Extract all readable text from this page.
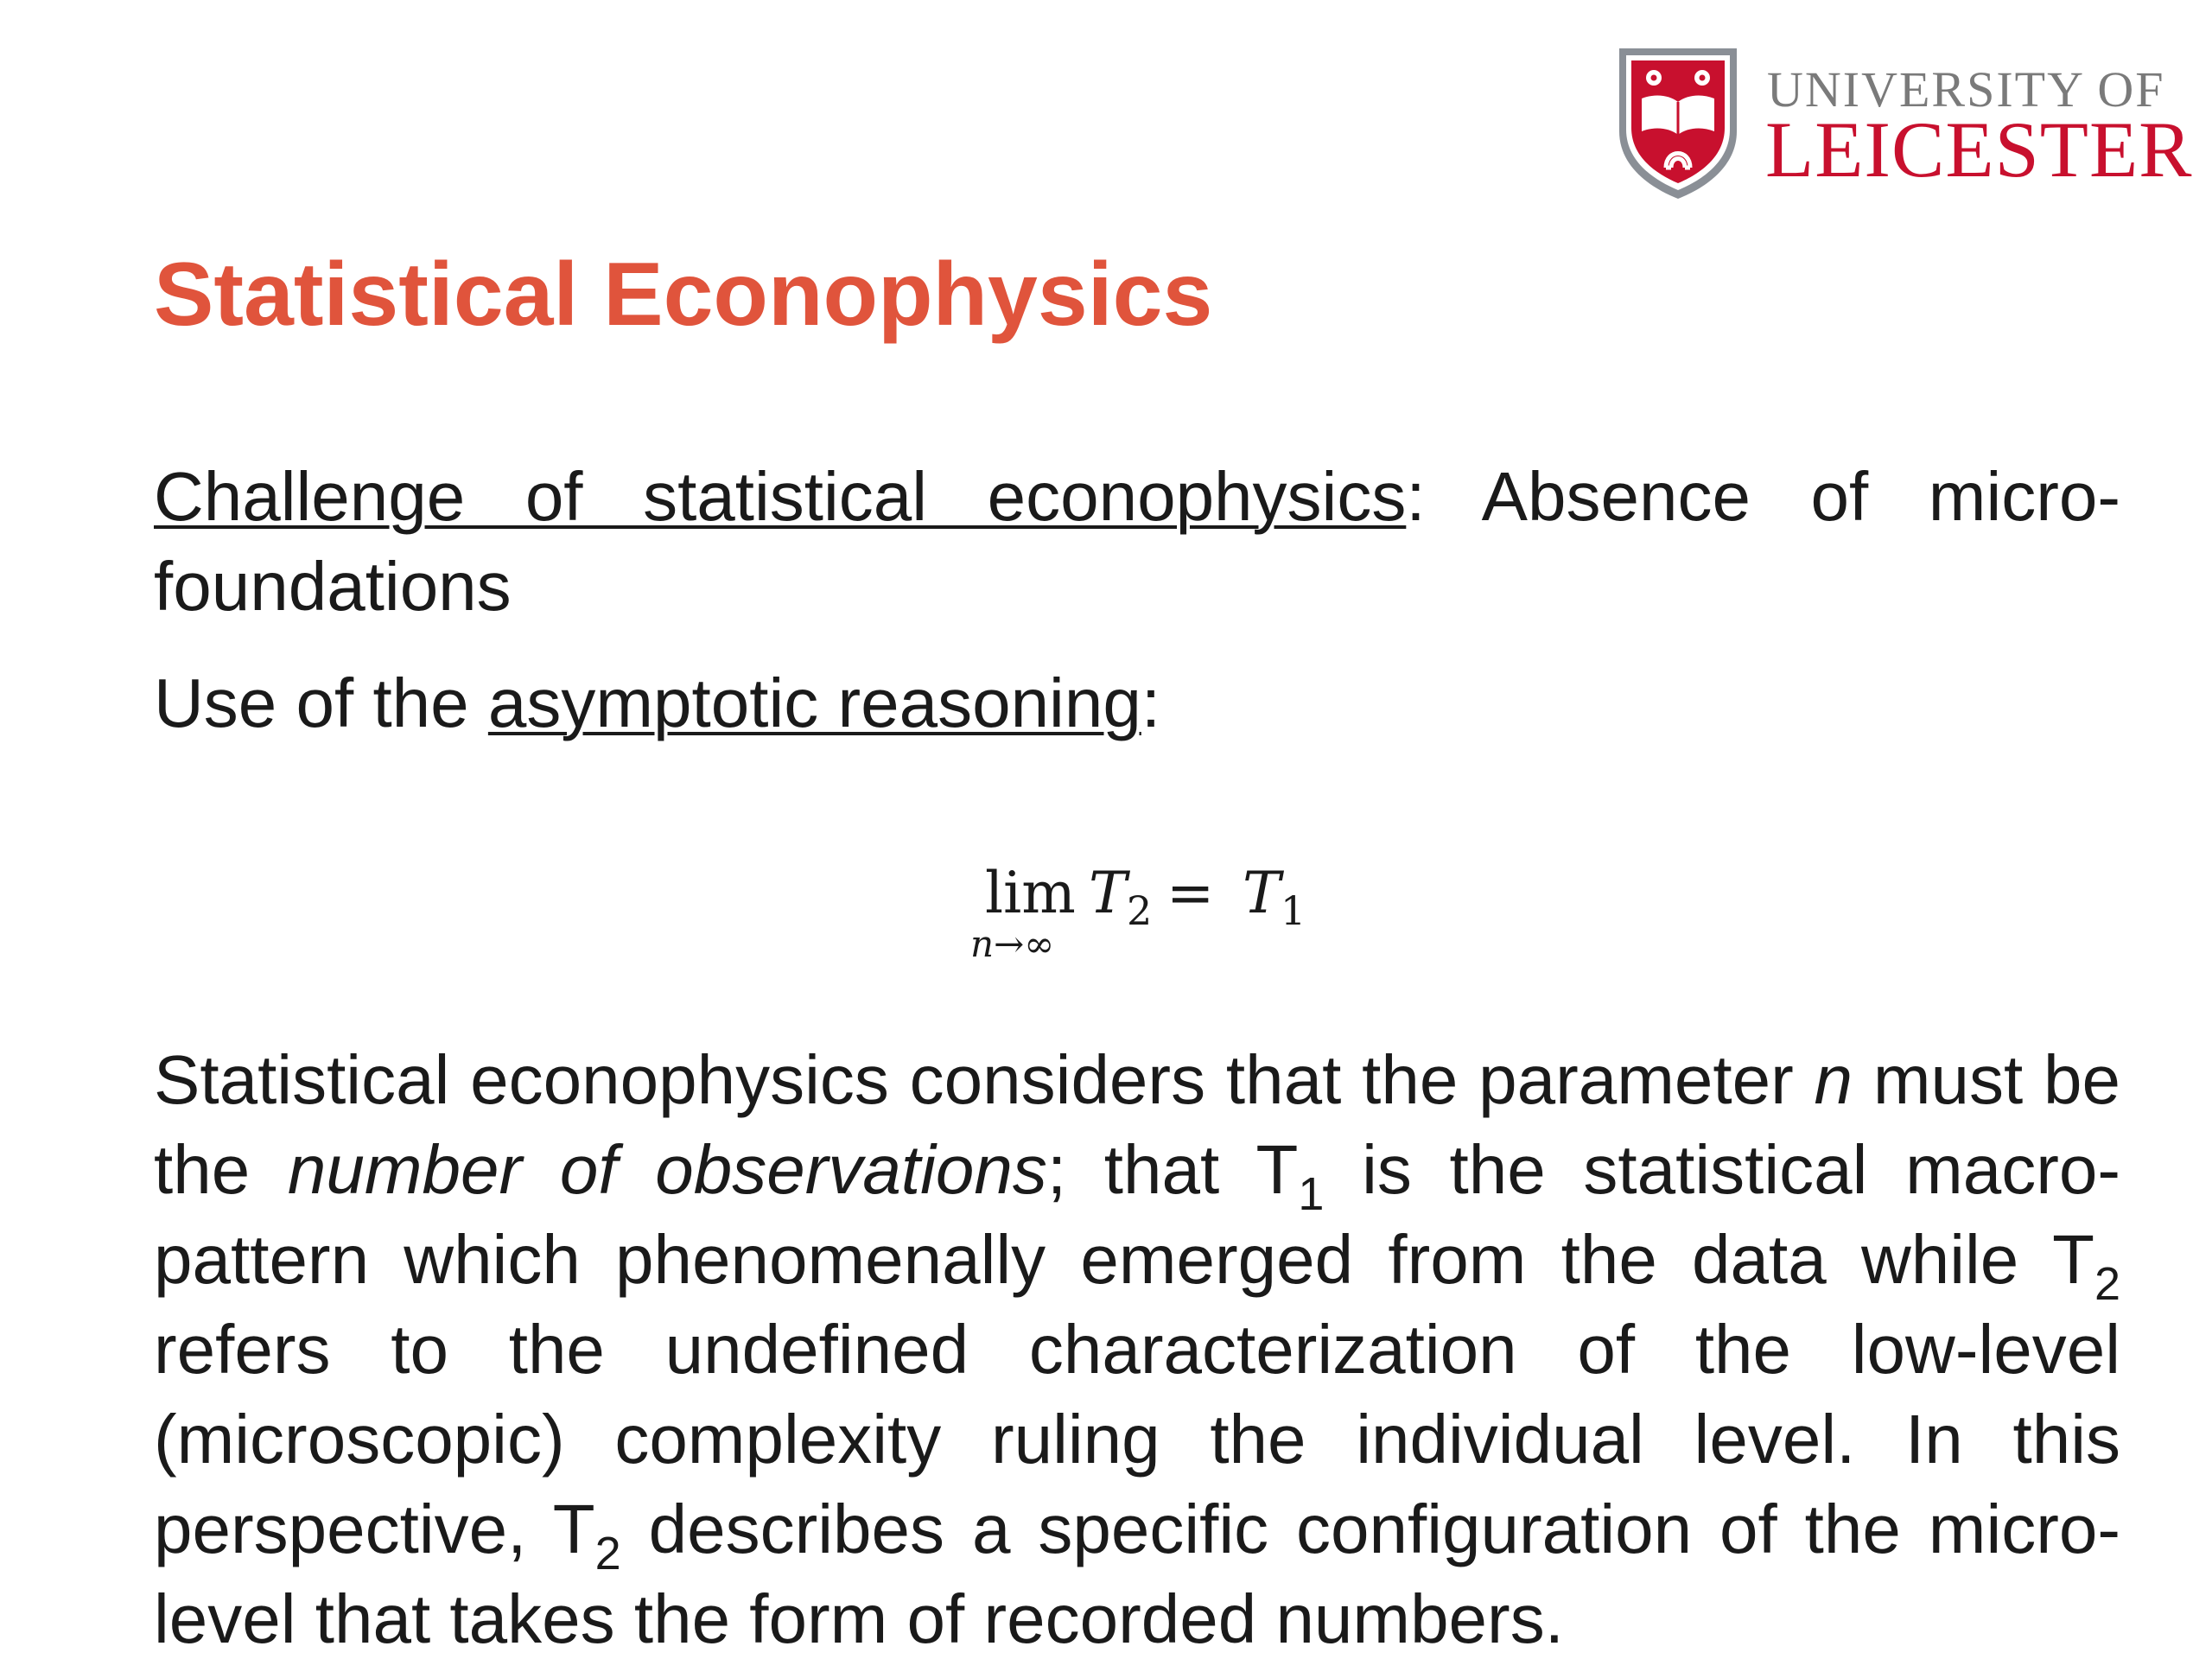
UNIVERSITY OF
LEICESTER
Statistical Econophysics
Challenge of statistical econophysics: Absence of micro-foundations
Use of the asymptotic reasoning:
lim
n→∞
$T_2 = T_1$
Statistical econophysics considers that the parameter n must be the number of observations; that $T_1$ is the statistical macro-pattern which phenomenally emerged from the data while $T_2$ refers to the undefined characterization of the low-level (microscopic) complexity ruling the individual level. In this perspective, $T_2$ describes a specific configuration of the micro-level that takes the form of recorded numbers.
